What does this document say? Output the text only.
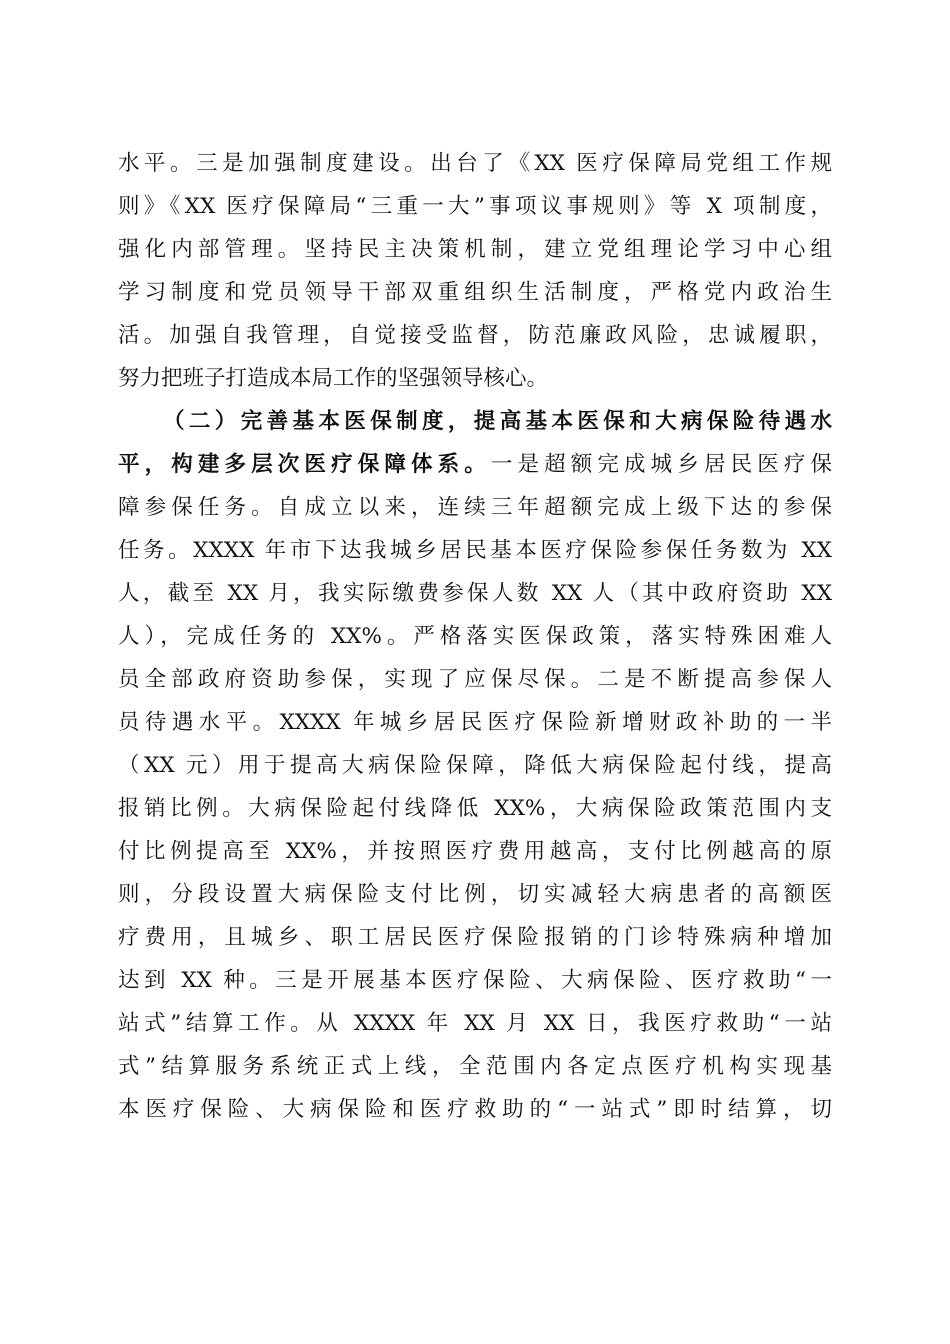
水平。三是加强制度建设。出台了《XX 医疗保障局党组工作规
则》《XX 医疗保障局“三重一大”事项议事规则》等 X 项制度，
强化内部管理。坚持民主决策机制，建立党组理论学习中心组
学习制度和党员领导干部双重组织生活制度，严格党内政治生
活。加强自我管理，自觉接受监督，防范廉政风险，忠诚履职，
努力把班子打造成本局工作的坚强领导核心。
（二）完善基本医保制度，提高基本医保和大病保险待遇水
平，构建多层次医疗保障体系。一是超额完成城乡居民医疗保
障参保任务。自成立以来，连续三年超额完成上级下达的参保
任务。XXXX 年市下达我城乡居民基本医疗保险参保任务数为 XX
人，截至 XX 月，我实际缴费参保人数 XX 人（其中政府资助 XX
人），完成任务的 XX%。严格落实医保政策，落实特殊困难人
员全部政府资助参保，实现了应保尽保。二是不断提高参保人
员待遇水平。XXXX 年城乡居民医疗保险新增财政补助的一半
（XX 元）用于提高大病保险保障，降低大病保险起付线，提高
报销比例。大病保险起付线降低 XX%，大病保险政策范围内支
付比例提高至 XX%，并按照医疗费用越高，支付比例越高的原
则，分段设置大病保险支付比例，切实减轻大病患者的高额医
疗费用，且城乡、职工居民医疗保险报销的门诊特殊病种增加
达到 XX 种。三是开展基本医疗保险、大病保险、医疗救助“一
站式”结算工作。从 XXXX 年 XX 月 XX 日，我医疗救助“一站
式”结算服务系统正式上线，全范围内各定点医疗机构实现基
本医疗保险、大病保险和医疗救助的“一站式”即时结算，切
